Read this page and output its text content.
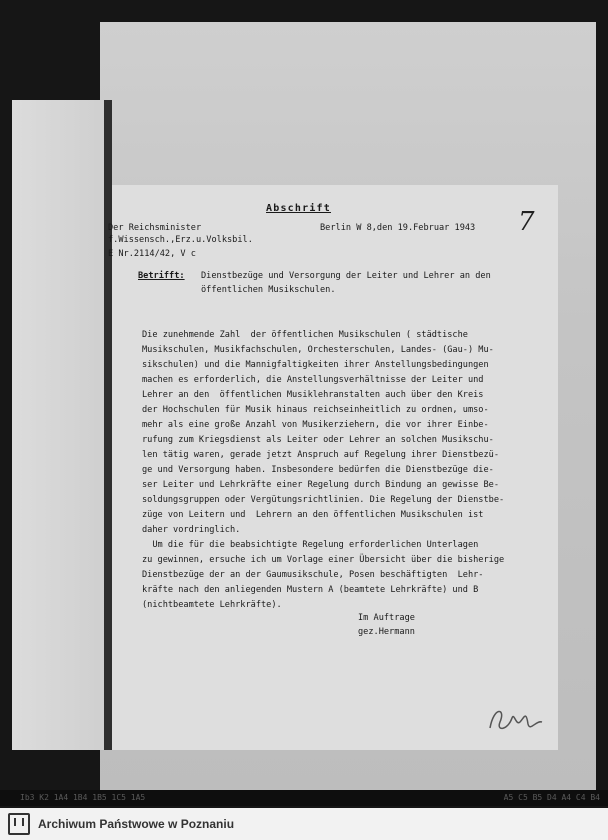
Abschrift
Der Reichsminister
f.Wissensch.,Erz.u.Volksbil.
E Nr.2114/42, V c
Berlin W 8,den 19.Februar 1943 7
Betrifft: Dienstbezüge und Versorgung der Leiter und Lehrer an den
öffentlichen Musikschulen.
Die zunehmende Zahl  der öffentlichen Musikschulen ( städtische
Musikschulen, Musikfachschulen, Orchesterschulen, Landes- (Gau-) Mu-
sikschulen) und die Mannigfaltigkeiten ihrer Anstellungsbedingungen
machen es erforderlich, die Anstellungsverhältnisse der Leiter und
Lehrer an den  öffentlichen Musiklehranstalten auch über den Kreis
der Hochschulen für Musik hinaus reichseinheitlich zu ordnen, umso-
mehr als eine große Anzahl von Musikerziehern, die vor ihrer Einbe-
rufung zum Kriegsdienst als Leiter oder Lehrer an solchen Musikschu-
len tätig waren, gerade jetzt Anspruch auf Regelung ihrer Dienstbezü-
ge und Versorgung haben. Insbesondere bedürfen die Dienstbezüge die-
ser Leiter und Lehrkräfte einer Regelung durch Bindung an gewisse Be-
soldungsgruppen oder Vergütungsrichtlinien. Die Regelung der Dienstbe-
züge von Leitern und  Lehrern an den öffentlichen Musikschulen ist
daher vordringlich.
Um die für die beabsichtigte Regelung erforderlichen Unterlagen
zu gewinnen, ersuche ich um Vorlage einer Übersicht über die bisherige
Dienstbezüge der an der Gaumusikschule, Posen beschäftigten  Lehr-
kräfte nach den anliegenden Mustern A (beamtete Lehrkräfte) und B
(nichtbeamtete Lehrkräfte).
Im Auftrage
gez.Hermann
Ib3 K2 1A4 1B4 1B5 1C5 1A5	A5 C5 B5 D4 A4 C4 B4
Archiwum Państwowe w Poznaniu
